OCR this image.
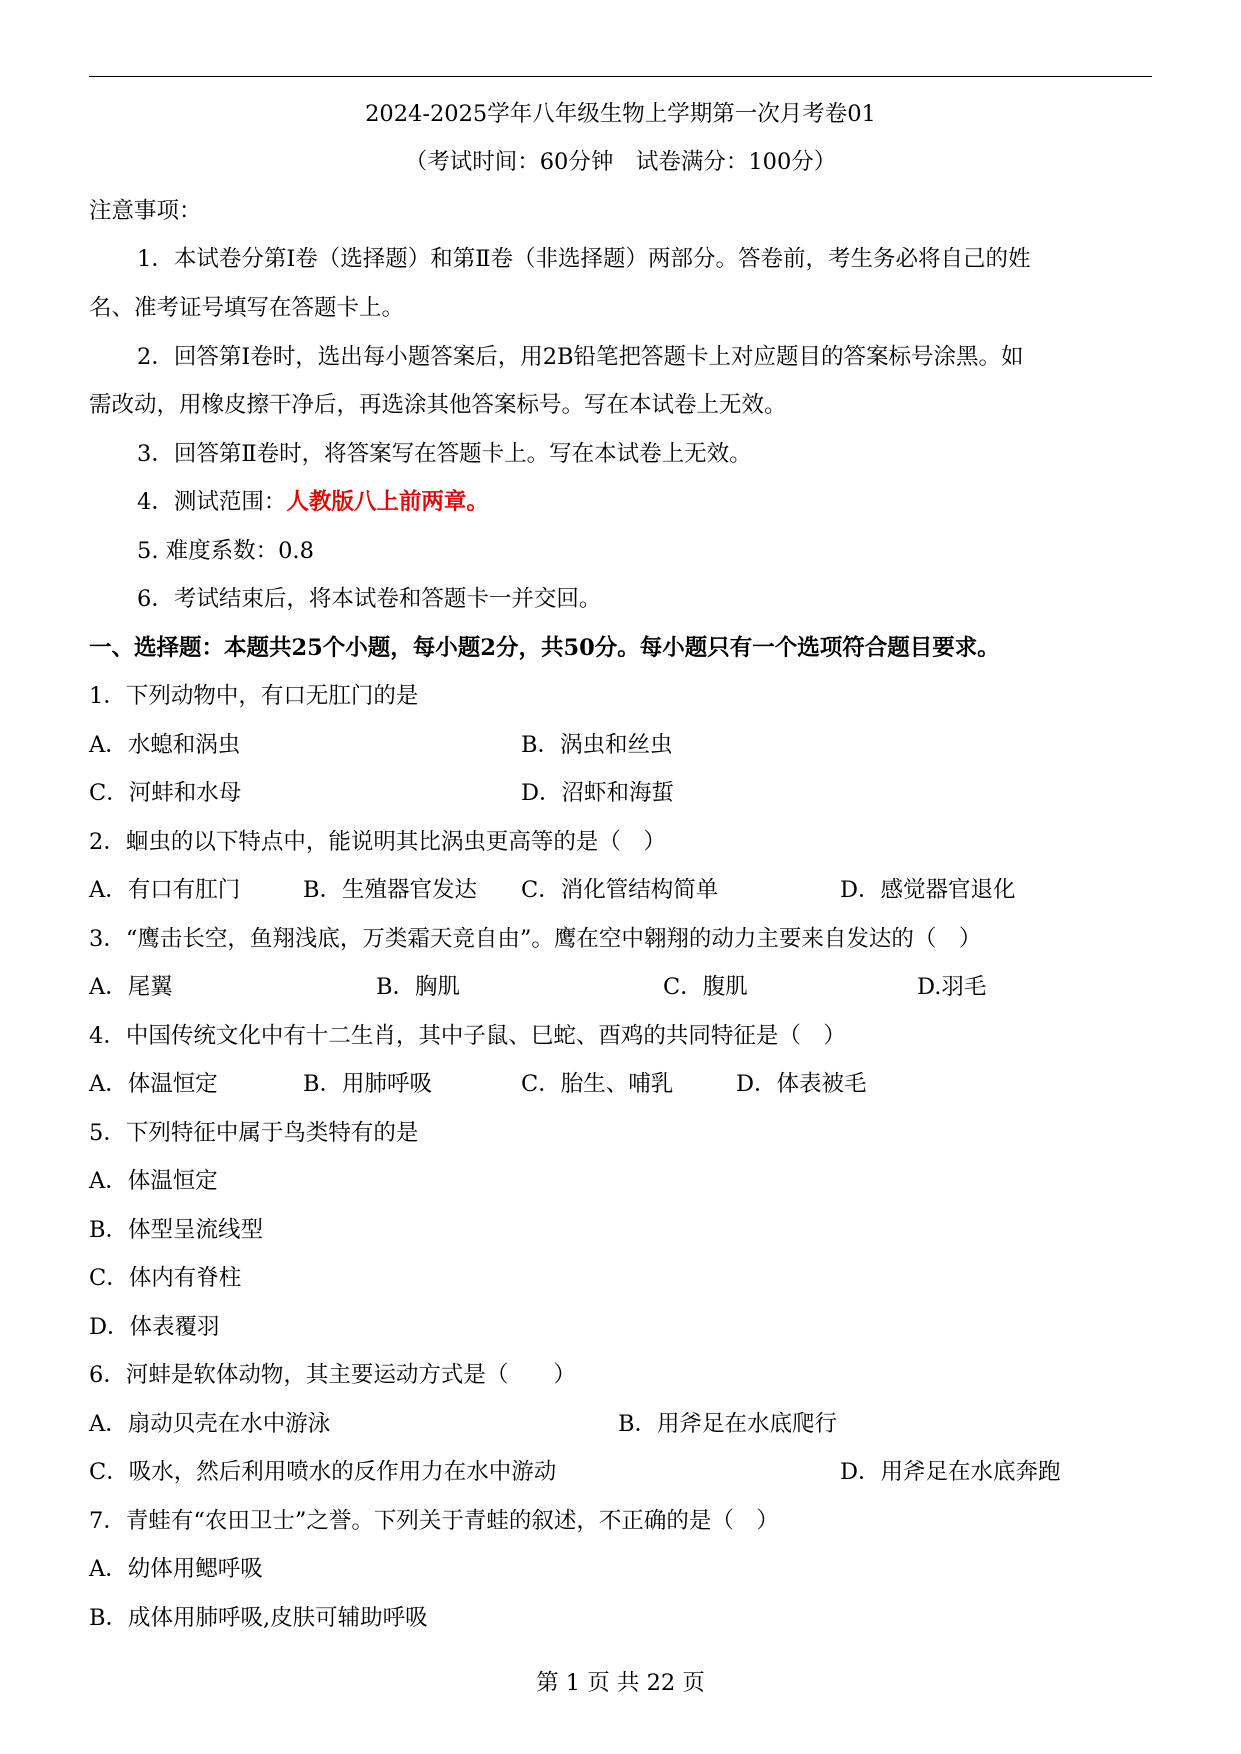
2024-2025学年八年级生物上学期第一次月考卷01
（考试时间：60分钟　试卷满分：100分）
注意事项：
1．本试卷分第Ⅰ卷（选择题）和第Ⅱ卷（非选择题）两部分。答卷前，考生务必将自己的姓
名、准考证号填写在答题卡上。
2．回答第Ⅰ卷时，选出每小题答案后，用2B铅笔把答题卡上对应题目的答案标号涂黑。如
需改动，用橡皮擦干净后，再选涂其他答案标号。写在本试卷上无效。
3．回答第Ⅱ卷时，将答案写在答题卡上。写在本试卷上无效。
4．测试范围：人教版八上前两章。
5. 难度系数：0.8
6．考试结束后，将本试卷和答题卡一并交回。
一、选择题：本题共25个小题，每小题2分，共50分。每小题只有一个选项符合题目要求。
1．下列动物中，有口无肛门的是
A．水螅和涡虫	B．涡虫和丝虫
C．河蚌和水母	D．沼虾和海蜇
2．蛔虫的以下特点中，能说明其比涡虫更高等的是（　）
A．有口有肛门	B．生殖器官发达 C．消化管结构简单	D．感觉器官退化
3．“鹰击长空，鱼翔浅底，万类霜天竞自由”。鹰在空中翱翔的动力主要来自发达的（　）
A．尾翼	B．胸肌	C．腹肌	D.羽毛
4．中国传统文化中有十二生肖，其中子鼠、巳蛇、酉鸡的共同特征是（　）
A．体温恒定	B．用肺呼吸	C．胎生、哺乳	D．体表被毛
5．下列特征中属于鸟类特有的是
A．体温恒定
B．体型呈流线型
C．体内有脊柱
D．体表覆羽
6．河蚌是软体动物，其主要运动方式是（　　）
A．扇动贝壳在水中游泳	B．用斧足在水底爬行
C．吸水，然后利用喷水的反作用力在水中游动	D．用斧足在水底奔跑
7．青蛙有“农田卫士”之誉。下列关于青蛙的叙述，不正确的是（　）
A．幼体用鳃呼吸
B．成体用肺呼吸,皮肤可辅助呼吸
第 1 页 共 22 页
